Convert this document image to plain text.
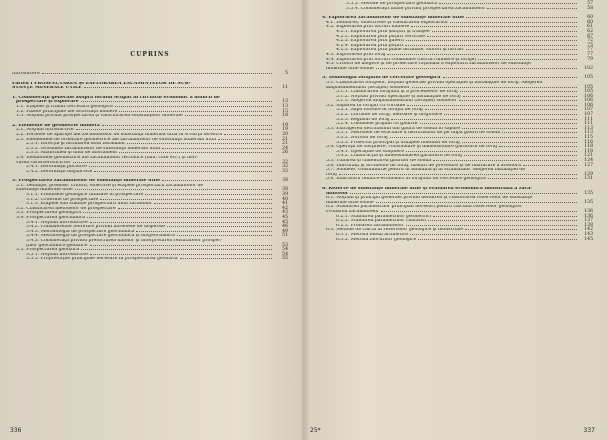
CUPRINS
Introducere	5
Partea I PROSPECTAREA ŞI EXPLORAREA ZĂCĂMINTELOR DE SUB-
STANŢE MINERALE UTILE	11
1. Consideraţii generale asupra locului ocupat în circuitul economic a muncii de
prospectare şi explorare	13
1.1. Etapele şi ritmul cercetării geologice	13
1.2. Fazele principale ale activităţii miniere	15
1.3. Noţiuni privind prospectarea şi valorificarea substanţelor minerale	18
2. Elemente de geometrie minieră	19
2.1. Noţiuni introductive	19
2.2. Formele de apariţie ale zăcămintelor de substanţă minerală utilă în scoarţa terestră	20
2.3. Elementele de orientare geometrice ale zăcămintelor de substanţă minerală utilă	21
2.3.1. Direcţia şi înclinarea unui zăcământ	21
2.3.2. Grosimea zăcămintelor de substanţă minerală utilă	24
2.3.3. Adâncimea şi linia de aflorament	26
2.4. Elementele geometrice ale zăcămintelor tectonice (falii, cute etc.) şi deri-
varea caracteristicii lor	32
2.4.1. Deformaţii plicative	32
2.4.2. Deformaţii disjunctive	33
3. Prospectarea zăcămintelor de substanţe minerale utile	38
3.1. Definiţie, premise, criterii, obiective şi etapele prospectării zăcămintelor de
substanţe minerale utile	38
3.1.1. Premisele geologice utilizate în prospectare	39
3.1.2. Criteriile de prospectare	40
3.1.3. Etapele sau stadiile prospectării unui zăcământ	41
3.2. Clasificarea metodelor de prospectare	42
3.3. Prospectarea geologică	43
3.4. Prospectarea geochimică	45
3.4.1. Noţiuni introductive	45
3.4.2. Considerente teoretice privind aureolele de dispersie	46
3.4.3. Metodologia de prospectare geochimică	49
3.4.4. Metodologia de prospectare geochimică şi biogeochimică	51
3.4.5. Consideraţii privind prelucrarea datelor şi interpretarea rezultatelor prospec-
ţiilor geochimico-geofizice	53
3.5. Prospectarea geofizică	54
3.5.1. Noţiuni introductive	54
3.5.2. Proprietăţile principale necesare în prospectarea geofizică	55
3.5.3. Metode de prospectare geofizică	57
3.5.4. Consideraţii finale privind prospectarea zăcămintelor	58
4. Explorarea zăcămintelor de substanţe minerale utile	60
4.1. Definirea, obiectivele şi clasificarea explorărilor	60
4.2. Explorarea prin lucrări miniere	61
4.2.1. Explorarea prin şanţuri şi tranşee	62
4.2.2. Explorarea prin puţuri verticale	67
4.2.3. Explorarea prin galerii	72
4.2.4. Explorarea prin puţuri	75
4.2.5. Explorarea prin plane înclinate, suitori şi lucrări	77
4.3. Explorarea prin foraj	77
4.4. Explorarea prin lucrări combinate (lucrări miniere şi foraje)	79
4.5. Criterii de alegere şi de proiectare raţională a explorării zăcămintelor de substanţe
minerale utile solide	102
5. Tehnologia forajului de cercetare geologică	105
5.1. Clasificarea forajelor, noţiuni generale privind operaţiile şi instalaţiile de foraj. Alegerea
amplasamentului (locaţiei) sondelor	105
5.1.1. Clasificarea forajului şi a procedeelor de foraj	105
5.1.2. Noţiuni privind operaţiile şi instalaţiile de foraj	106
5.1.3. Alegerea amplasamentului (locaţiei) sondelor	106
5.2. Săparea în forajul cu coroane	106
5.2.1. Sapa folosite în forajul de foraj	107
5.2.2. Coroane de foraj, alezoare şi lărgitoare	107
5.2.3. Regimul de foraj	111
5.2.4. Coloanele prăjinii cu găurire	111
5.3. Extragerea detritusului din gaură de sondă în săpare	113
5.3.1. Metodele de evacuare a detritusului de pe talpa găurii de sondă	113
5.3.2. Noroiul de foraj	115
5.3.3. Proiectul principal şi utilajele fluidului de foraj	116
5.4. Operaţii de susţinere, consolidare şi dimensionare garniturii de foraj	118
5.4.1. Operaţiile de susţinere	118
5.4.2. Construcţia şi dimensionarea garniturii de foraj	121
5.5. Tubarea şi cimentarea găurilor de sondă	124
5.6. Dificultăţi şi accidente de foraj, măsuri de prevenire şi de înlăturare a acestora	127
5.7. Sondele, consumurile pentru în România şi în străinătate. Alegerea instalaţiei de
foraj	129
5.8. Indicatorii tehnico-economici ai forajului de cercetare geologică	131
6. Rezerve de substanţe minerale utile şi evaluarea economică industrială a zăcă-
mintelor	135
6.1. Noţiuni şi principii generale privind definirea şi clasificarea rezervelor de substanţe
minerale utile solide	135
6.2. Stabilirea parametrilor principali necesari pentru calculul rezervelor geologice.
Probarea zăcămintelor	136
6.2.1. Stabilirea parametrilor geometrici	136
6.2.2. Stabilirea parametrilor calitativi	137
6.2.3. Probarea zăcămintelor	138
6.3. Metode de calcul al rezervelor geologice şi industriale	142
6.3.1. Metoda medii aritmetice	143
6.3.2. Metoda blocurilor geologice	145
336	25*	337
